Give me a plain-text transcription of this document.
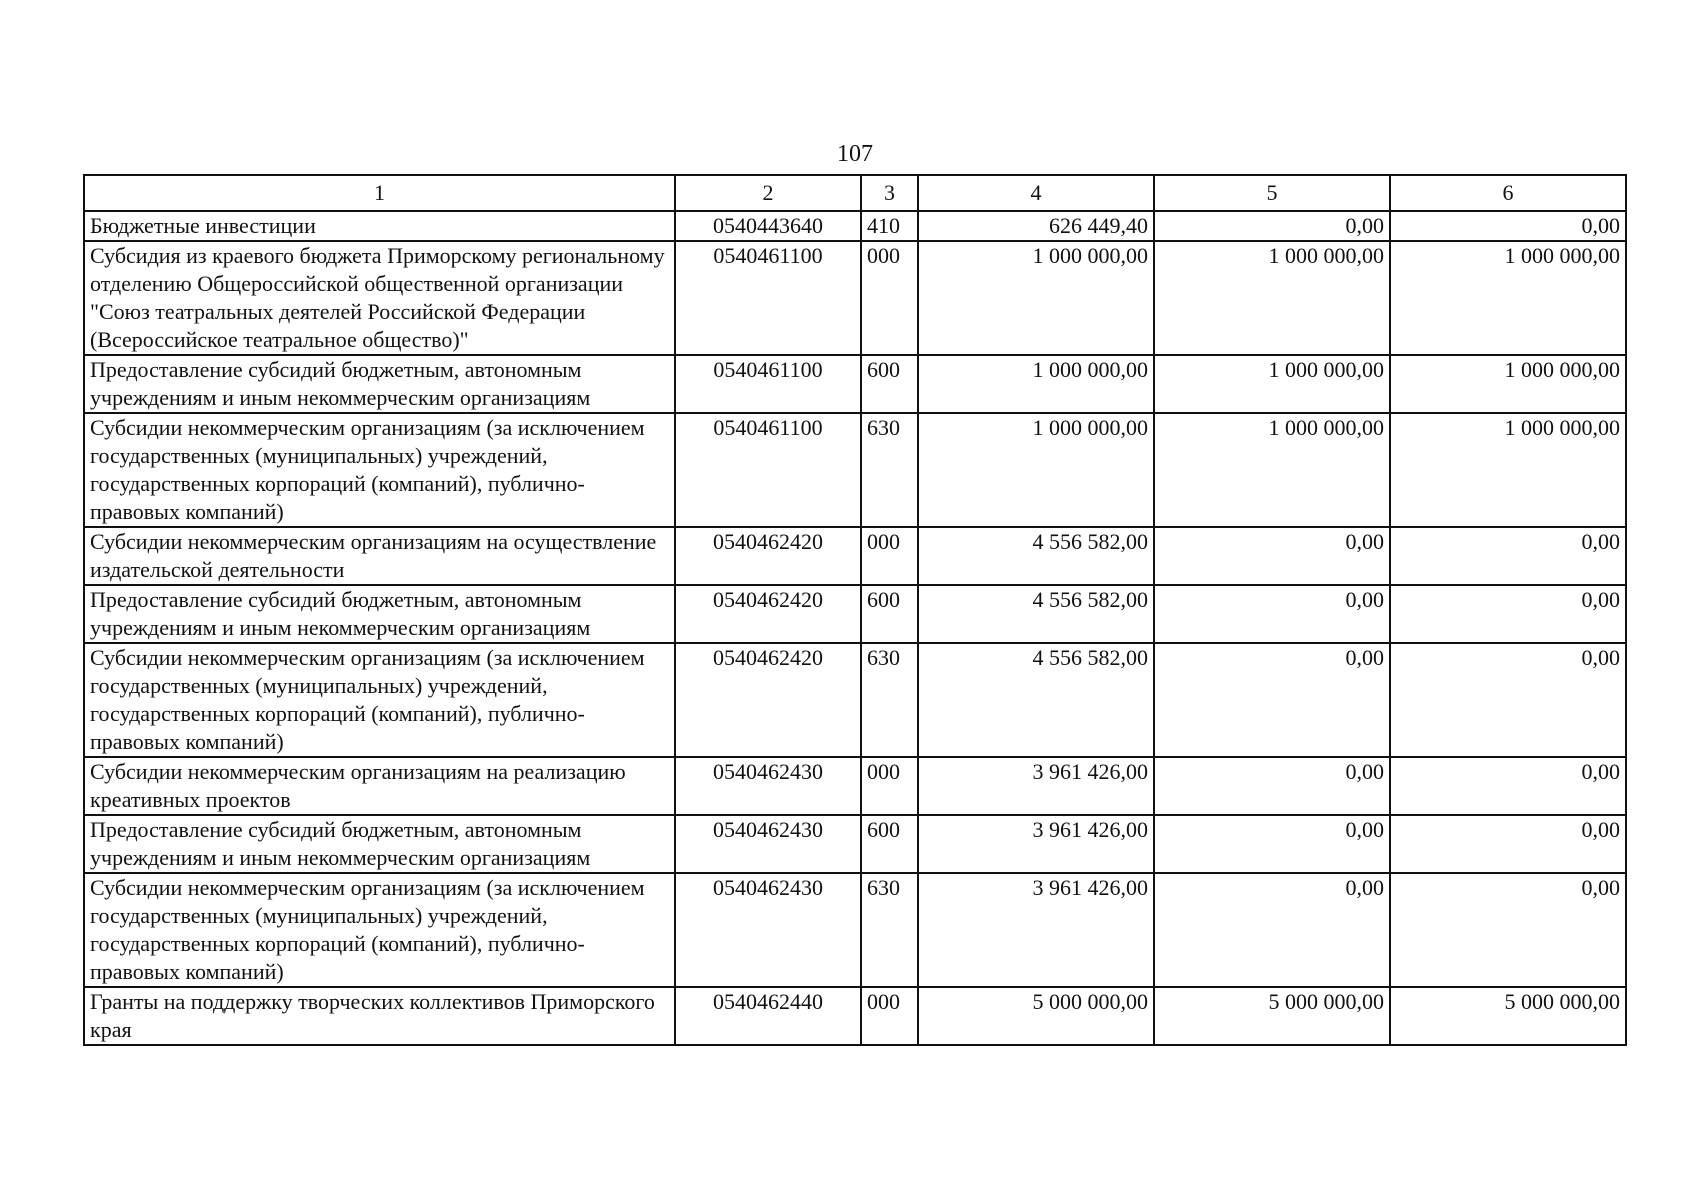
107
1	2	3	4	5	6
Бюджетные инвестиции	0540443640	410	626 449,40	0,00	0,00
Субсидия из краевого бюджета Приморскому региональному отделению Общероссийской общественной организации "Союз театральных деятелей Российской Федерации (Всероссийское театральное общество)"	0540461100	000	1 000 000,00	1 000 000,00	1 000 000,00
Предоставление субсидий бюджетным, автономным учреждениям и иным некоммерческим организациям	0540461100	600	1 000 000,00	1 000 000,00	1 000 000,00
Субсидии некоммерческим организациям (за исключением государственных (муниципальных) учреждений, государственных корпораций (компаний), публично-правовых компаний)	0540461100	630	1 000 000,00	1 000 000,00	1 000 000,00
Субсидии некоммерческим организациям на осуществление издательской деятельности	0540462420	000	4 556 582,00	0,00	0,00
Предоставление субсидий бюджетным, автономным учреждениям и иным некоммерческим организациям	0540462420	600	4 556 582,00	0,00	0,00
Субсидии некоммерческим организациям (за исключением государственных (муниципальных) учреждений, государственных корпораций (компаний), публично-правовых компаний)	0540462420	630	4 556 582,00	0,00	0,00
Субсидии некоммерческим организациям на реализацию креативных проектов	0540462430	000	3 961 426,00	0,00	0,00
Предоставление субсидий бюджетным, автономным учреждениям и иным некоммерческим организациям	0540462430	600	3 961 426,00	0,00	0,00
Субсидии некоммерческим организациям (за исключением государственных (муниципальных) учреждений, государственных корпораций (компаний), публично-правовых компаний)	0540462430	630	3 961 426,00	0,00	0,00
Гранты на поддержку творческих коллективов Приморского края	0540462440	000	5 000 000,00	5 000 000,00	5 000 000,00
